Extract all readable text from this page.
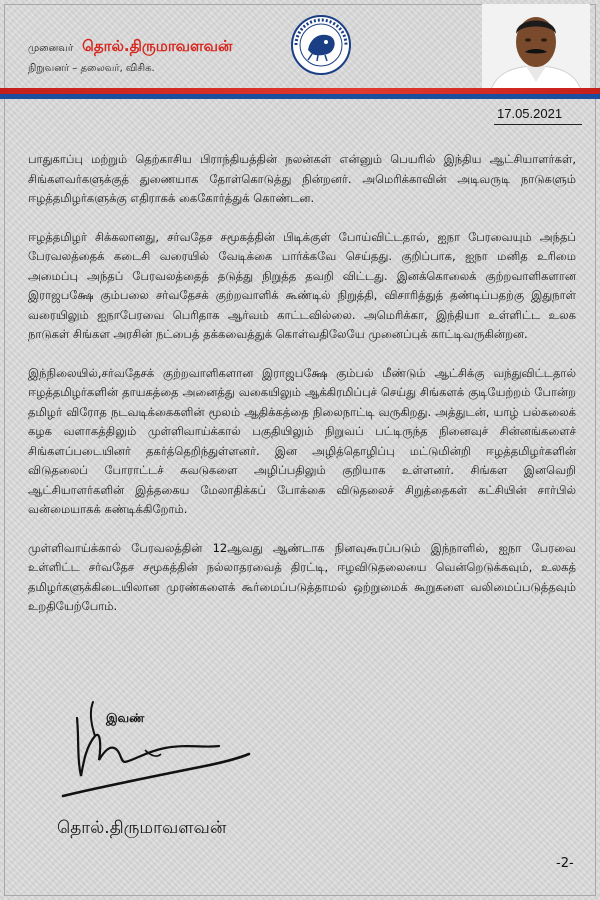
முனைவர் தொல்.திருமாவளவன்
நிறுவனர் – தலைவர், விசிக.
17.05.2021

பாதுகாப்பு மற்றும் தெற்காசிய பிராந்தியத்தின் நலன்கள் என்னும் பெயரில் இந்திய ஆட்சியாளர்கள், சிங்களவர்களுக்குத் துணையாக தோள்கொடுத்து நின்றனர். அமெரிக்காவின் அடிவருடி நாடுகளும் ஈழத்தமிழர்களுக்கு எதிராகக் கைகோர்த்துக் கொண்டன.

ஈழத்தமிழர் சிக்கலானது, சர்வதேச சமூகத்தின் பிடிக்குள் போய்விட்டதால், ஐநா பேரவையும் அந்தப் பேரவலத்தைக் கடைசி வரையில் வேடிக்கை பார்க்கவே செய்தது. குறிப்பாக, ஐநா மனித உரிமை அமைப்பு அந்தப் பேரவலத்தைத் தடுத்து நிறுத்த தவறி விட்டது. இனக்கொலைக் குற்றவாளிகளான இராஜபக்ஷே கும்பலை சர்வதேசக் குற்றவாளிக் கூண்டில் நிறுத்தி, விசாரித்துத் தண்டிப்பதற்கு இதுநாள் வரையிலும் ஐநாபேரவை பெரிதாக ஆர்வம் காட்டவில்லை. அமெரிக்கா, இந்தியா உள்ளிட்ட உலக நாடுகள் சிங்கள அரசின் நட்பைத் தக்கவைத்துக் கொள்வதிலேயே முனைப்புக் காட்டிவருகின்றன.

இந்நிலையில்,சர்வதேசக் குற்றவாளிகளான இராஜபக்ஷே கும்பல் மீண்டும் ஆட்சிக்கு வந்துவிட்டதால் ஈழத்தமிழர்களின் தாயகத்தை அனைத்து வகையிலும் ஆக்கிரமிப்புச் செய்து சிங்களக் குடியேற்றம் போன்ற தமிழர் விரோத நடவடிக்கைகளின் மூலம் ஆதிக்கத்தை நிலைநாட்டி வருகிறது. அத்துடன், யாழ் பல்கலைக் கழக வளாகத்திலும் முள்ளிவாய்க்கால் பகுதியிலும் நிறுவப் பட்டிருந்த நினைவுச் சின்னங்களைச் சிங்களப்படையினர் தகர்த்தெறிந்துள்ளனர். இன அழித்தொழிப்பு மட்டுமின்றி ஈழத்தமிழர்களின் விடுதலைப் போராட்டச் சுவடுகளை அழிப்பதிலும் குறியாக உள்ளனர். சிங்கள இனவெறி ஆட்சியாளர்களின் இத்தகைய மேலாதிக்கப் போக்கை விடுதலைச் சிறுத்தைகள் கட்சியின் சார்பில் வன்மையாகக் கண்டிக்கிறோம்.

முள்ளிவாய்க்கால் பேரவலத்தின் 12ஆவது ஆண்டாக நினவுகூரப்படும் இந்நாளில், ஐநா பேரவை உள்ளிட்ட சர்வதேச சமூகத்தின் நல்லாதரவைத் திரட்டி, ஈழவிடுதலையை வென்றெடுக்கவும், உலகத் தமிழர்களுக்கிடையிலான முரண்களைக் கூர்மைப்படுத்தாமல் ஒற்றுமைக் கூறுகளை வலிமைப்படுத்தவும் உறதியேற்போம்.

இவண்
தொல்.திருமாவளவன்
-2-
